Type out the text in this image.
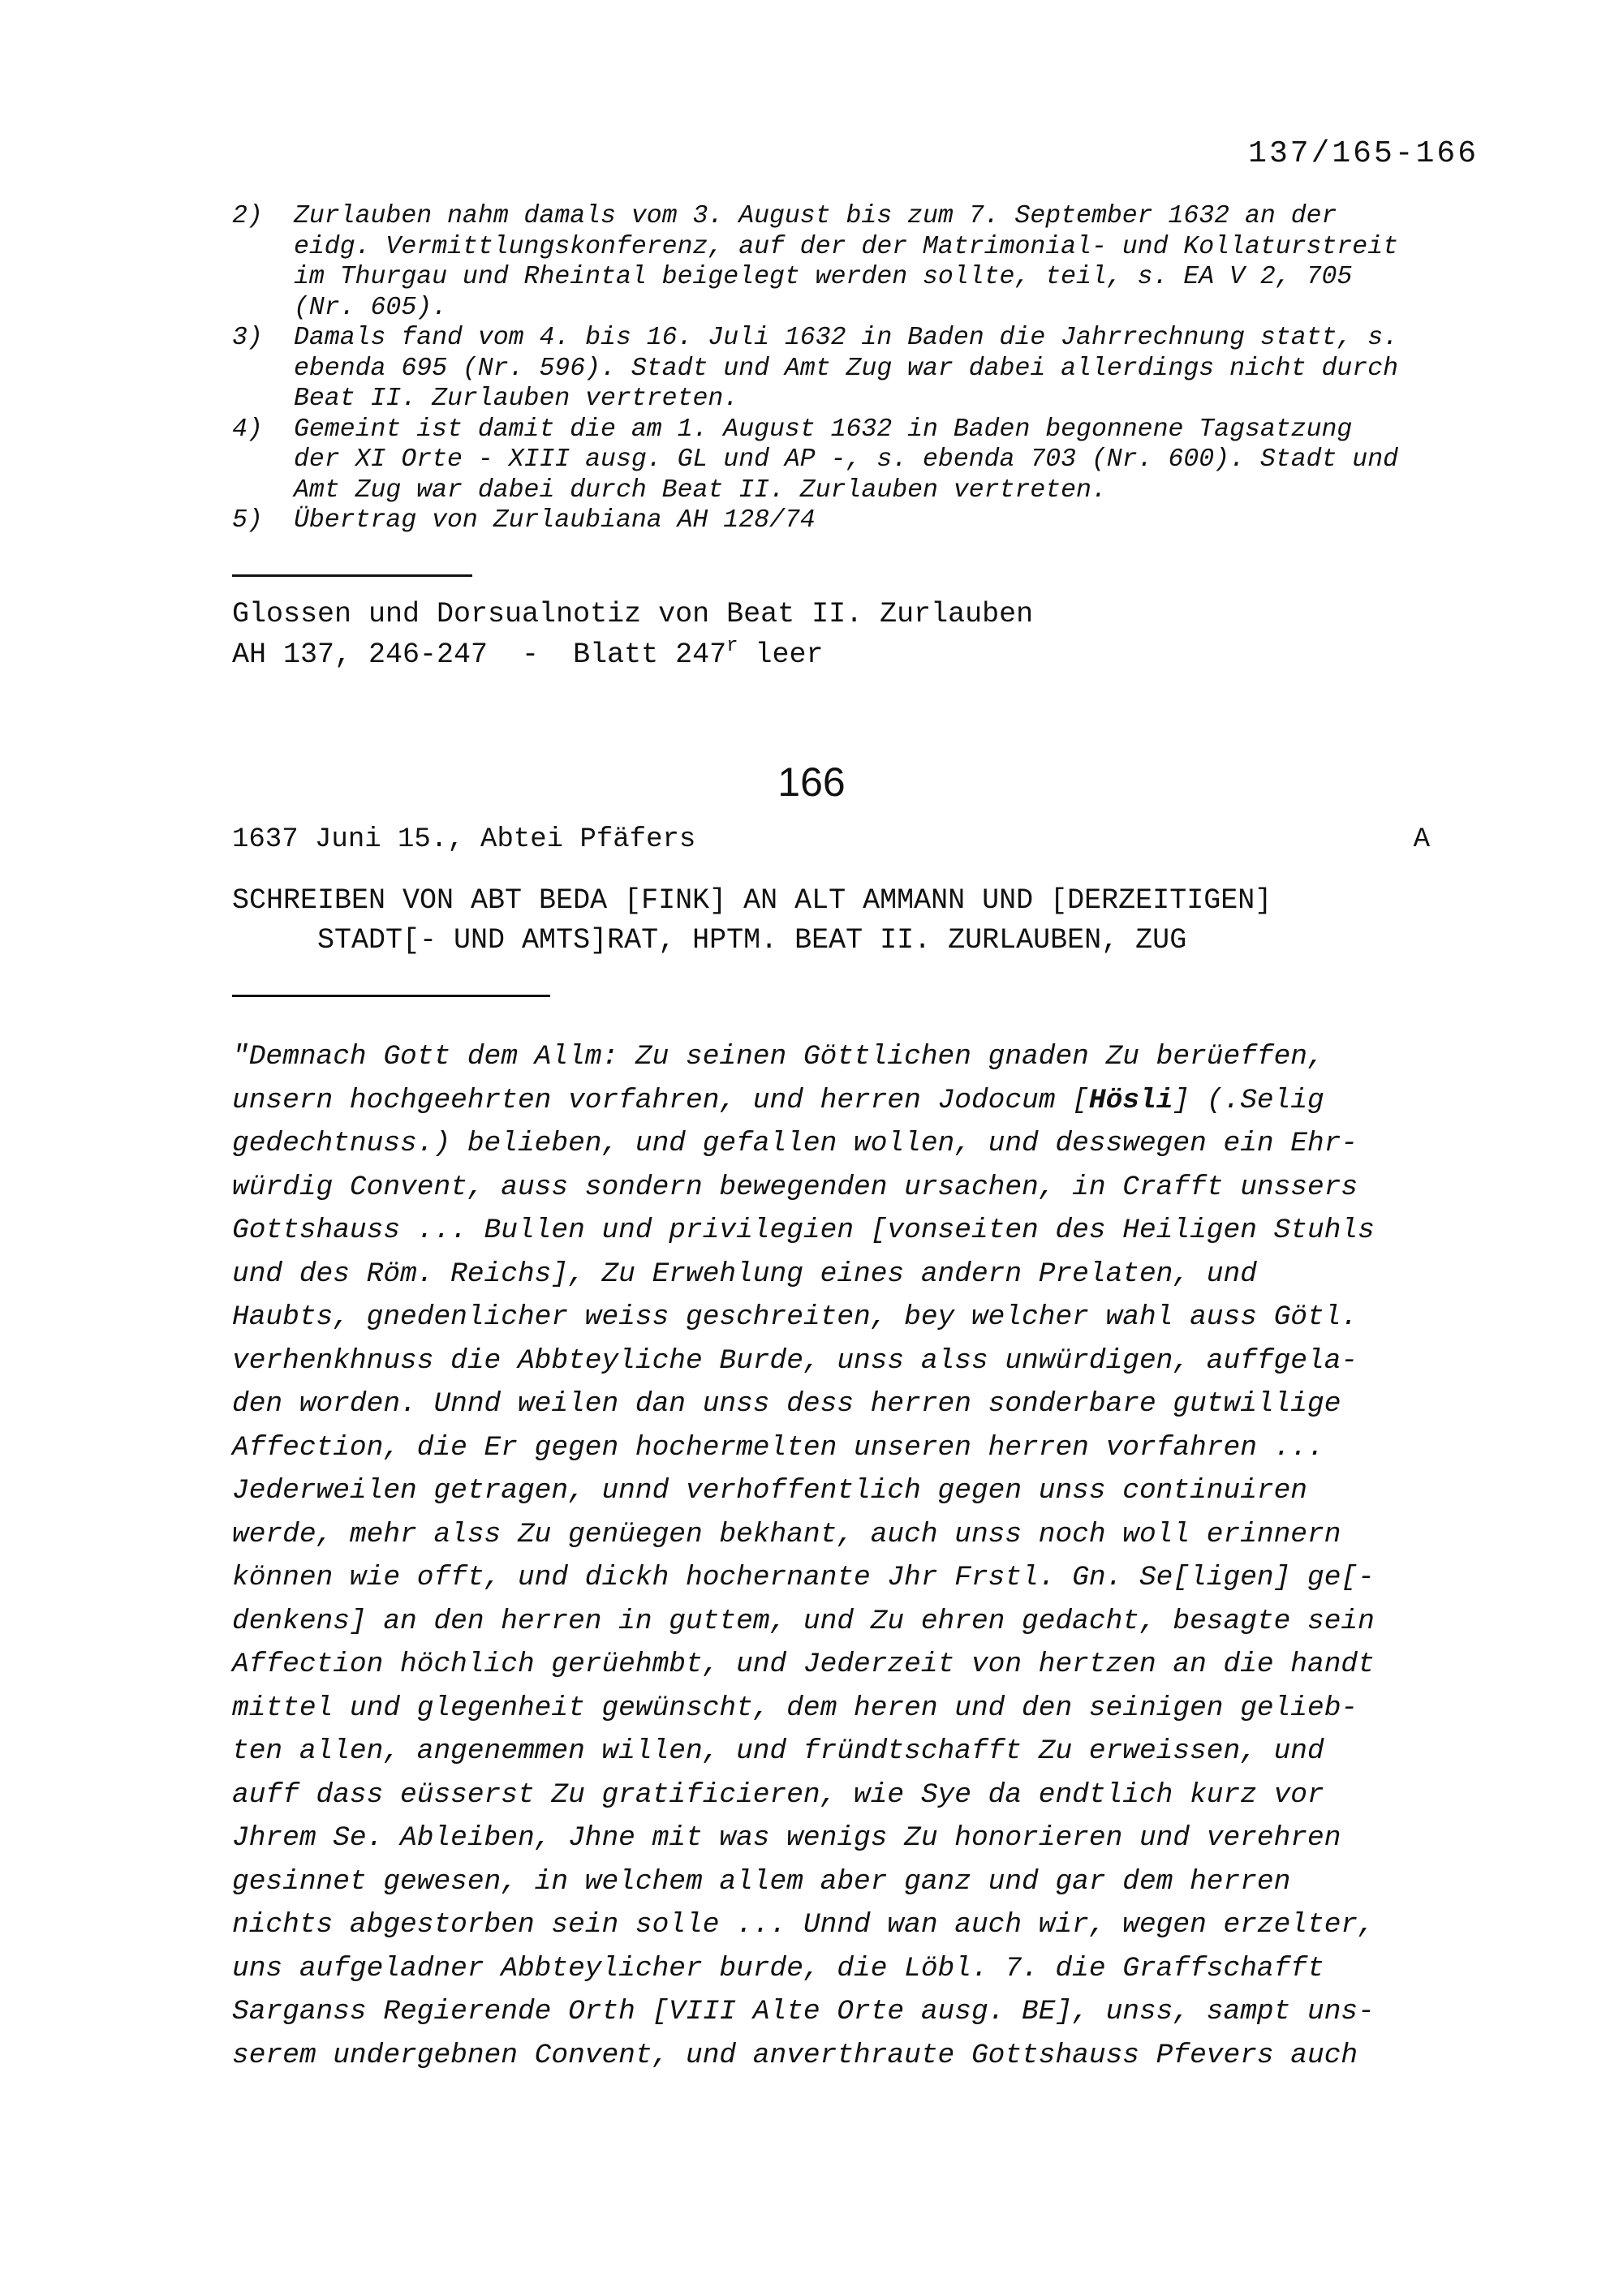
137/165-166
2)	Zurlauben nahm damals vom 3. August bis zum 7. September 1632 an der
eidg. Vermittlungskonferenz, auf der der Matrimonial- und Kollaturstreit
im Thurgau und Rheintal beigelegt werden sollte, teil, s. EA V 2, 705
(Nr. 605).
3)	Damals fand vom 4. bis 16. Juli 1632 in Baden die Jahrrechnung statt, s.
ebenda 695 (Nr. 596). Stadt und Amt Zug war dabei allerdings nicht durch
Beat II. Zurlauben vertreten.
4)	Gemeint ist damit die am 1. August 1632 in Baden begonnene Tagsatzung
der XI Orte - XIII ausg. GL und AP -, s. ebenda 703 (Nr. 600). Stadt und
Amt Zug war dabei durch Beat II. Zurlauben vertreten.
5)	Übertrag von Zurlaubiana AH 128/74
Glossen und Dorsualnotiz von Beat II. Zurlauben
AH 137, 246-247  -  Blatt 247$^r$ leer
166
1637 Juni 15., Abtei Pfäfers	A
SCHREIBEN VON ABT BEDA [FINK] AN ALT AMMANN UND [DERZEITIGEN]
STADT[- UND AMTS]RAT, HPTM. BEAT II. ZURLAUBEN, ZUG
"Demnach Gott dem Allm: Zu seinen Göttlichen gnaden Zu berüeffen,
unsern hochgeehrten vorfahren, und herren Jodocum [Hösli] (.Selig
gedechtnuss.) belieben, und gefallen wollen, und desswegen ein Ehr-
würdig Convent, auss sondern bewegenden ursachen, in Crafft unssers
Gottshauss ... Bullen und privilegien [vonseiten des Heiligen Stuhls
und des Röm. Reichs], Zu Erwehlung eines andern Prelaten, und
Haubts, gnedenlicher weiss geschreiten, bey welcher wahl auss Götl.
verhenkhnuss die Abbteyliche Burde, unss alss unwürdigen, auffgela-
den worden. Unnd weilen dan unss dess herren sonderbare gutwillige
Affection, die Er gegen hochermelten unseren herren vorfahren ...
Jederweilen getragen, unnd verhoffentlich gegen unss continuiren
werde, mehr alss Zu genüegen bekhant, auch unss noch woll erinnern
können wie offt, und dickh hochernante Jhr Frstl. Gn. Se[ligen] ge[-
denkens] an den herren in guttem, und Zu ehren gedacht, besagte sein
Affection höchlich gerüehmbt, und Jederzeit von hertzen an die handt
mittel und glegenheit gewünscht, dem heren und den seinigen gelieb-
ten allen, angenemmen willen, und fründtschafft Zu erweissen, und
auff dass eüsserst Zu gratificieren, wie Sye da endtlich kurz vor
Jhrem Se. Ableiben, Jhne mit was wenigs Zu honorieren und verehren
gesinnet gewesen, in welchem allem aber ganz und gar dem herren
nichts abgestorben sein solle ... Unnd wan auch wir, wegen erzelter,
uns aufgeladner Abbteylicher burde, die Löbl. 7. die Graffschafft
Sarganss Regierende Orth [VIII Alte Orte ausg. BE], unss, sampt uns-
serem undergebnen Convent, und anverthraute Gottshauss Pfevers auch
